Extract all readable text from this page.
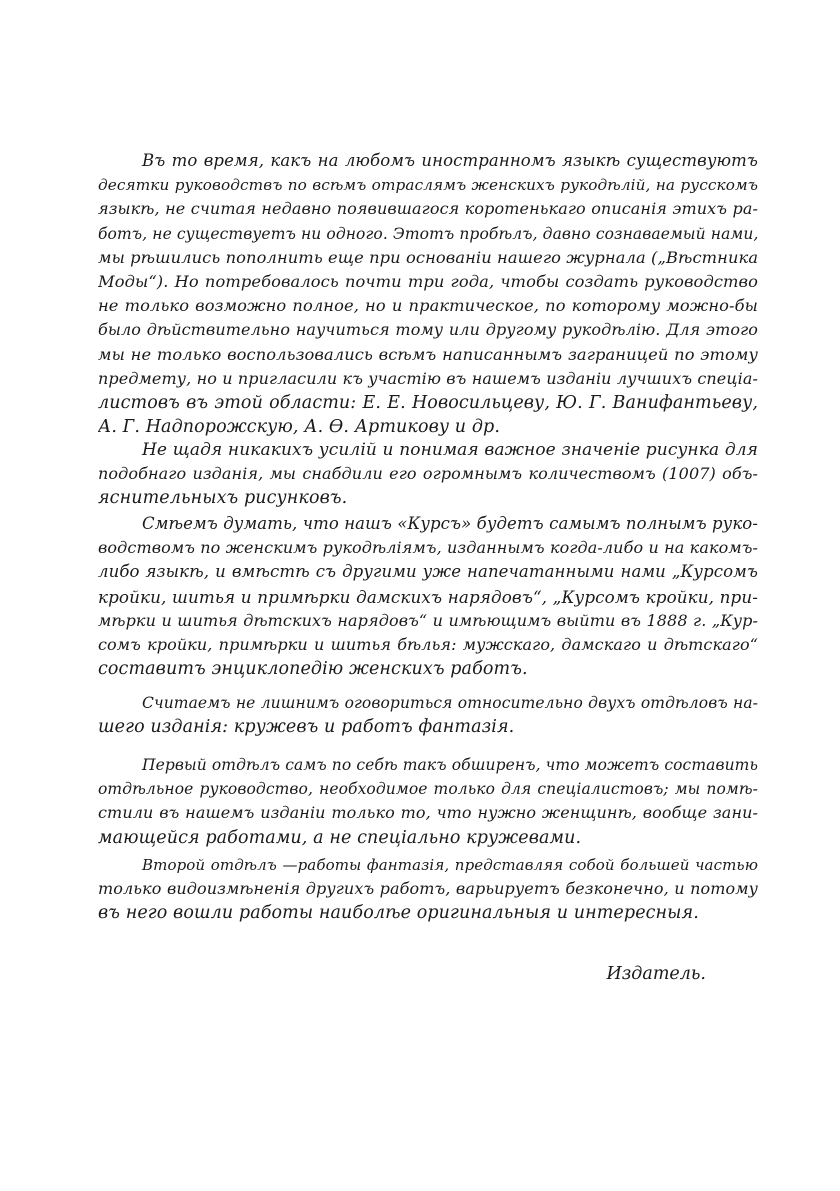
Въ то время, какъ на любомъ иностранномъ языкѣ существуютъ
десятки руководствъ по всѣмъ отраслямъ женскихъ рукодѣлій, на русскомъ
языкѣ, не считая недавно появившагося коротенькаго описанія этихъ ра-
ботъ, не существуетъ ни одного. Этотъ пробѣлъ, давно сознаваемый нами,
мы рѣшились пополнить еще при основаніи нашего журнала („Вѣстника
Моды“). Но потребовалось почти три года, чтобы создать руководство
не только возможно полное, но и практическое, по которому можно-бы
было дѣйствительно научиться тому или другому рукодѣлію. Для этого
мы не только воспользовались всѣмъ написаннымъ заграницей по этому
предмету, но и пригласили къ участію въ нашемъ изданіи лучшихъ спеціа-
листовъ въ этой области: Е. Е. Новосильцеву, Ю. Г. Ванифантьеву,
А. Г. Надпорожскую, А. Ѳ. Артикову и др.

Не щадя никакихъ усилій и понимая важное значеніе рисунка для
подобнаго изданія, мы снабдили его огромнымъ количествомъ (1007) объ-
яснительныхъ рисунковъ.

Смѣемъ думать, что нашъ «Курсъ» будетъ самымъ полнымъ руко-
водствомъ по женскимъ рукодѣліямъ, изданнымъ когда-либо и на какомъ-
либо языкѣ, и вмѣстѣ съ другими уже напечатанными нами „Курсомъ
кройки, шитья и примѣрки дамскихъ нарядовъ“, „Курсомъ кройки, при-
мѣрки и шитья дѣтскихъ нарядовъ“ и имѣющимъ выйти въ 1888 г. „Кур-
сомъ кройки, примѣрки и шитья бѣлья: мужскаго, дамскаго и дѣтскаго“
составитъ энциклопедію женскихъ работъ.

Считаемъ не лишнимъ оговориться относительно двухъ отдѣловъ на-
шего изданія: кружевъ и работъ фантазія.

Первый отдѣлъ самъ по себѣ такъ обширенъ, что можетъ составить
отдѣльное руководство, необходимое только для спеціалистовъ; мы помѣ-
стили въ нашемъ изданіи только то, что нужно женщинѣ, вообще зани-
мающейся работами, а не спеціально кружевами.

Второй отдѣлъ —работы фантазія, представляя собой большей частью
только видоизмѣненія другихъ работъ, варьируетъ безконечно, и потому
въ него вошли работы наиболѣе оригинальныя и интересныя.

Издатель.
